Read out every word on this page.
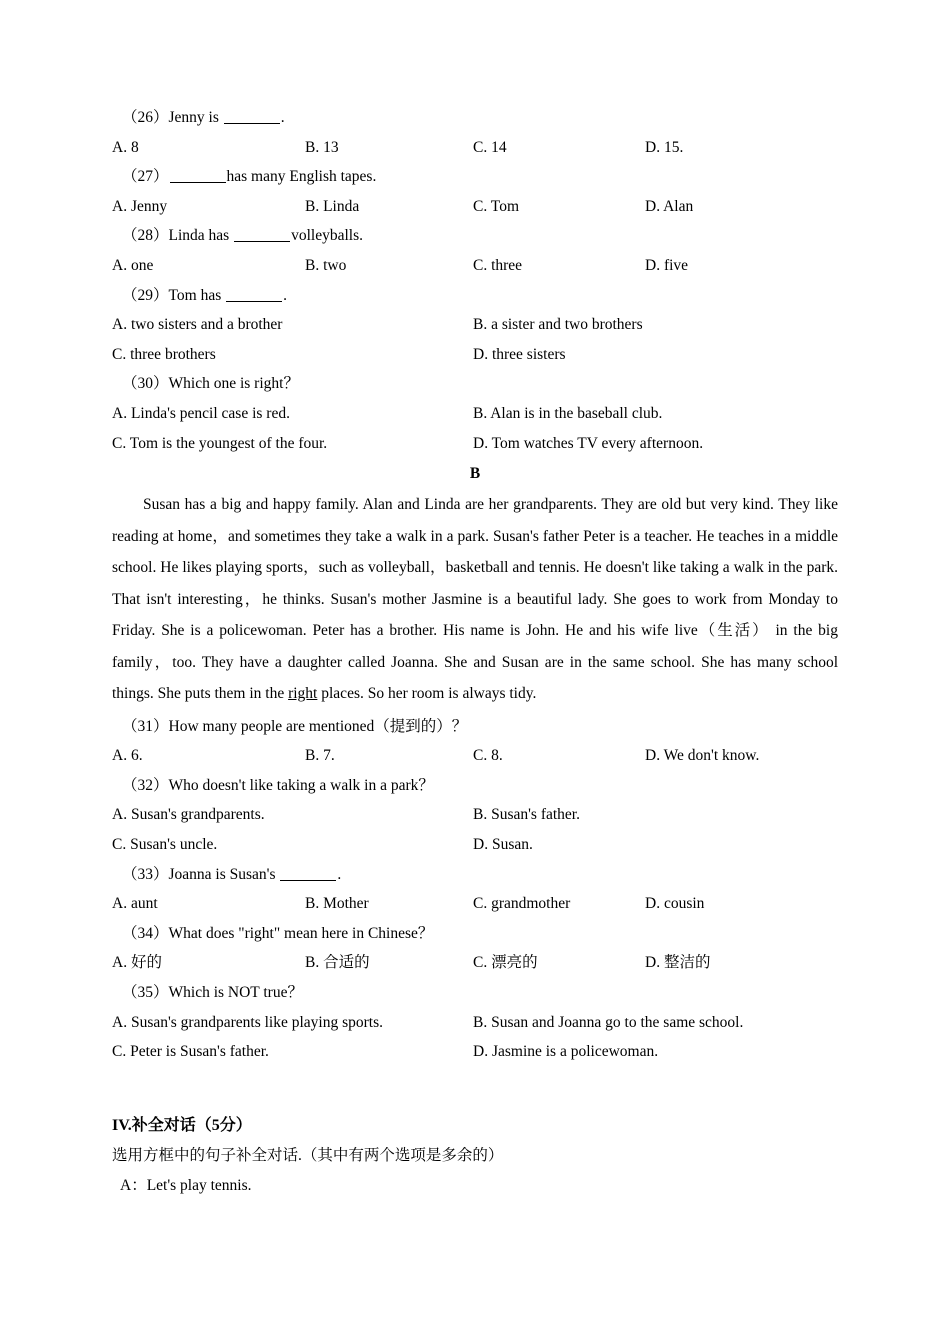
（26）Jenny is	.
A. 8	B. 13	C. 14	D. 15.
（27）	has many English tapes.
A. Jenny	B. Linda	C. Tom	D. Alan
（28）Linda has	volleyballs.
A. one	B. two	C. three	D. five
（29）Tom has	.
A. two sisters and a brother	B. a sister and two brothers
C. three brothers	D. three sisters
（30）Which one is right？
A. Linda's pencil case is red.	B. Alan is in the baseball club.
C. Tom is the youngest of the four.	D. Tom watches TV every afternoon.
B
Susan has a big and happy family. Alan and Linda are her grandparents. They are old but very kind. They like reading at home，and sometimes they take a walk in a park. Susan's father Peter is a teacher. He teaches in a middle school. He likes playing sports，such as volleyball，basketball and tennis. He doesn't like taking a walk in the park. That isn't interesting，he thinks. Susan's mother Jasmine is a beautiful lady. She goes to work from Monday to Friday. She is a policewoman. Peter has a brother. His name is John. He and his wife live（生活） in the big family，too. They have a daughter called Joanna. She and Susan are in the same school. She has many school things. She puts them in the right places. So her room is always tidy.
（31）How many people are mentioned（提到的）？
A. 6.	B. 7.	C. 8.	D. We don't know.
（32）Who doesn't like taking a walk in a park？
A. Susan's grandparents.	B. Susan's father.
C. Susan's uncle.	D. Susan.
（33）Joanna is Susan's	.
A. aunt	B. Mother	C. grandmother	D. cousin
（34）What does "right" mean here in Chinese？
A. 好的	B. 合适的	C. 漂亮的	D. 整洁的
（35）Which is NOT true？
A. Susan's grandparents like playing sports.	B. Susan and Joanna go to the same school.
C. Peter is Susan's father.	D. Jasmine is a policewoman.
IV.补全对话（5分）
选用方框中的句子补全对话.（其中有两个选项是多余的）
A：Let's play tennis.
